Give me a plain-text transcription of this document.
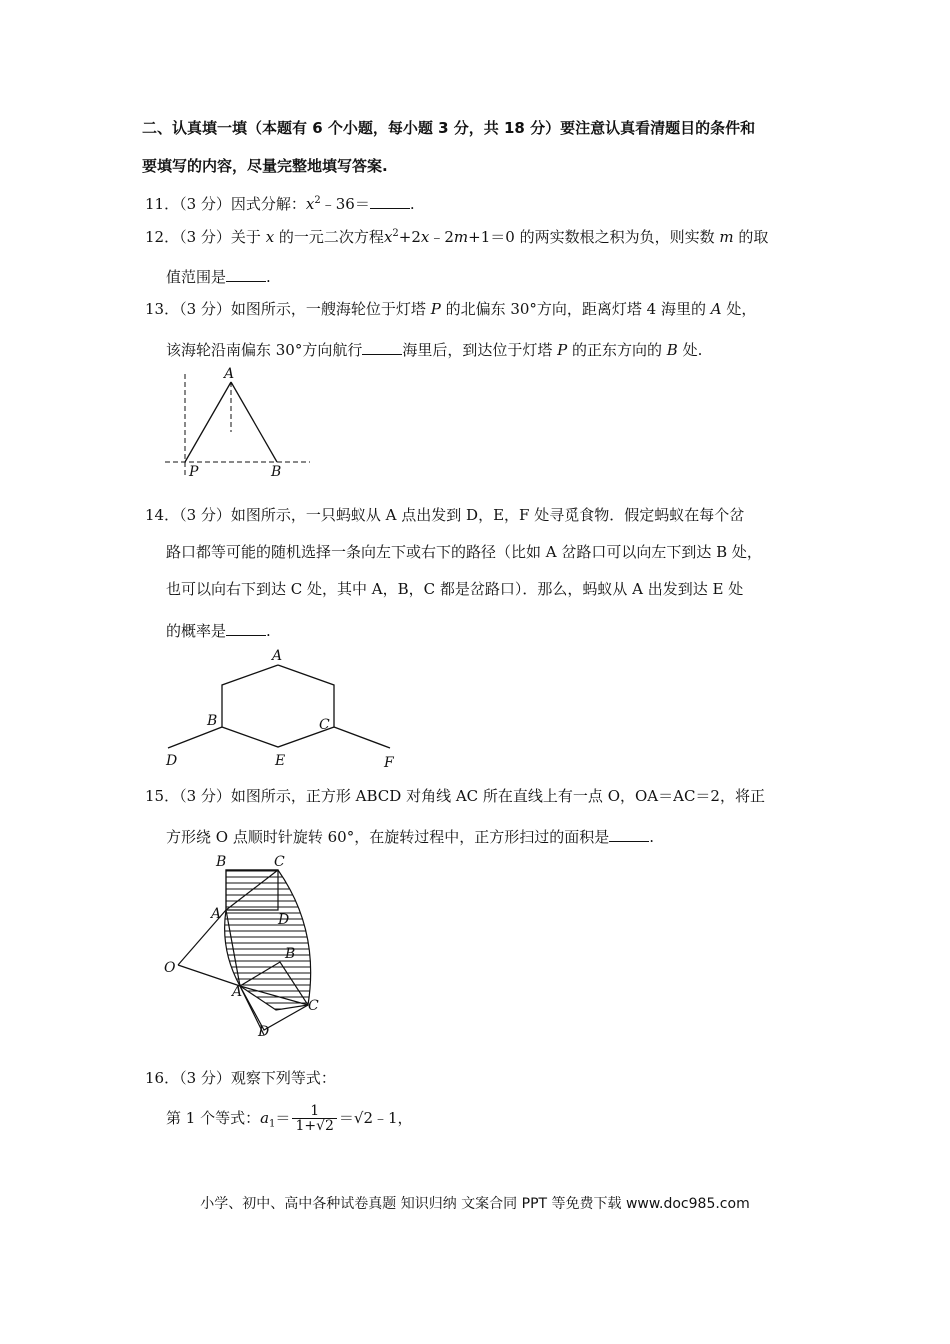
二、认真填一填（本题有 6 个小题，每小题 3 分，共 18 分）要注意认真看清题目的条件和
要填写的内容，尽量完整地填写答案.
11．（3 分）因式分解：$x^2﹣36=$	.
12．（3 分）关于 x 的一元二次方程$x^2+2x﹣2m+1=0$ 的两实数根之积为负，则实数 m 的取
值范围是	.
13．（3 分）如图所示，一艘海轮位于灯塔 P 的北偏东 30°方向，距离灯塔 4 海里的 A 处，
该海轮沿南偏东 30°方向航行	海里后，到达位于灯塔 P 的正东方向的 B 处.
A
P	B
14．（3 分）如图所示，一只蚂蚁从 A 点出发到 D，E，F 处寻觅食物．假定蚂蚁在每个岔
路口都等可能的随机选择一条向左下或右下的路径（比如 A 岔路口可以向左下到达 B 处，
也可以向右下到达 C 处，其中 A，B，C 都是岔路口）．那么，蚂蚁从 A 出发到达 E 处
的概率是	.
A
B	C
D	E	F
15．（3 分）如图所示，正方形 ABCD 对角线 AC 所在直线上有一点 O，OA＝AC＝2，将正
方形绕 O 点顺时针旋转 60°，在旋转过程中，正方形扫过的面积是	.
B	C
A	D
O
B
A
C
D
16．（3 分）观察下列等式：
第 1 个等式：$a_1= \frac{1}{1+√2}$ ＝√2﹣1，
小学、初中、高中各种试卷真题 知识归纳 文案合同 PPT 等免费下载 www.doc985.com
